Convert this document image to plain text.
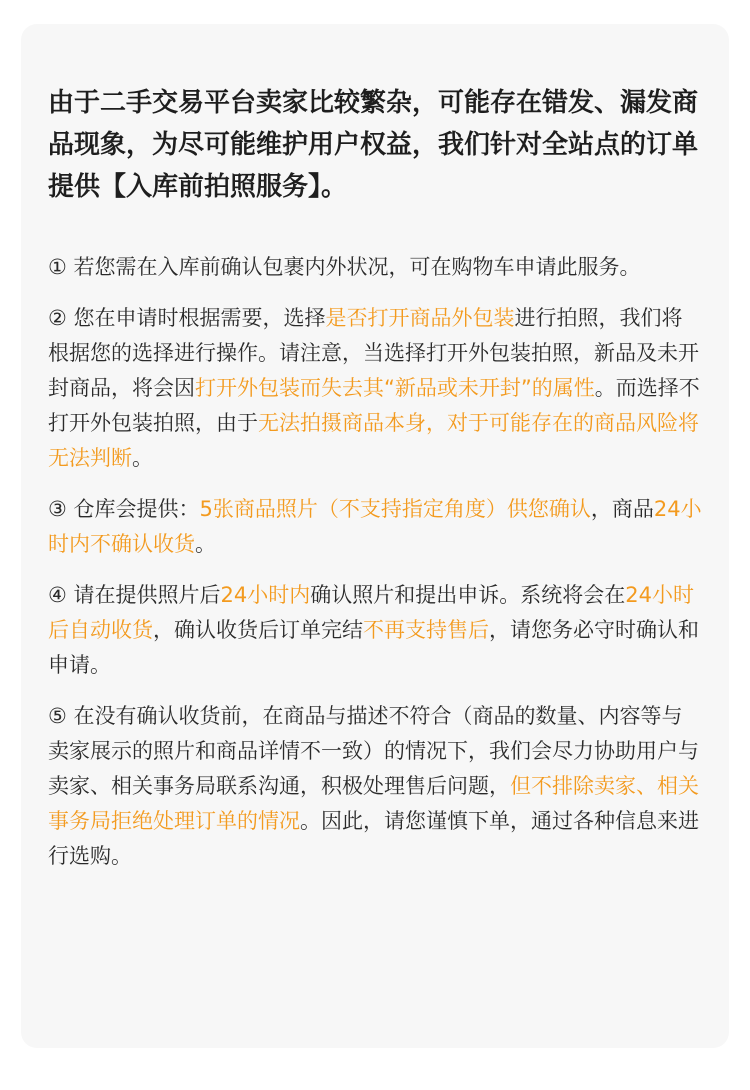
由于二手交易平台卖家比较繁杂，可能存在错发、漏发商品现象，为尽可能维护用户权益，我们针对全站点的订单提供【入库前拍照服务】。

① 若您需在入库前确认包裹内外状况，可在购物车申请此服务。

② 您在申请时根据需要，选择是否打开商品外包装进行拍照，我们将根据您的选择进行操作。请注意，当选择打开外包装拍照，新品及未开封商品，将会因打开外包装而失去其“新品或未开封”的属性。而选择不打开外包装拍照，由于无法拍摄商品本身，对于可能存在的商品风险将无法判断。

③ 仓库会提供：5张商品照片（不支持指定角度）供您确认，商品24小时内不确认收货。

④ 请在提供照片后24小时内确认照片和提出申诉。系统将会在24小时后自动收货，确认收货后订单完结不再支持售后，请您务必守时确认和申请。

⑤ 在没有确认收货前，在商品与描述不符合（商品的数量、内容等与卖家展示的照片和商品详情不一致）的情况下，我们会尽力协助用户与卖家、相关事务局联系沟通，积极处理售后问题，但不排除卖家、相关事务局拒绝处理订单的情况。因此，请您谨慎下单，通过各种信息来进行选购。
